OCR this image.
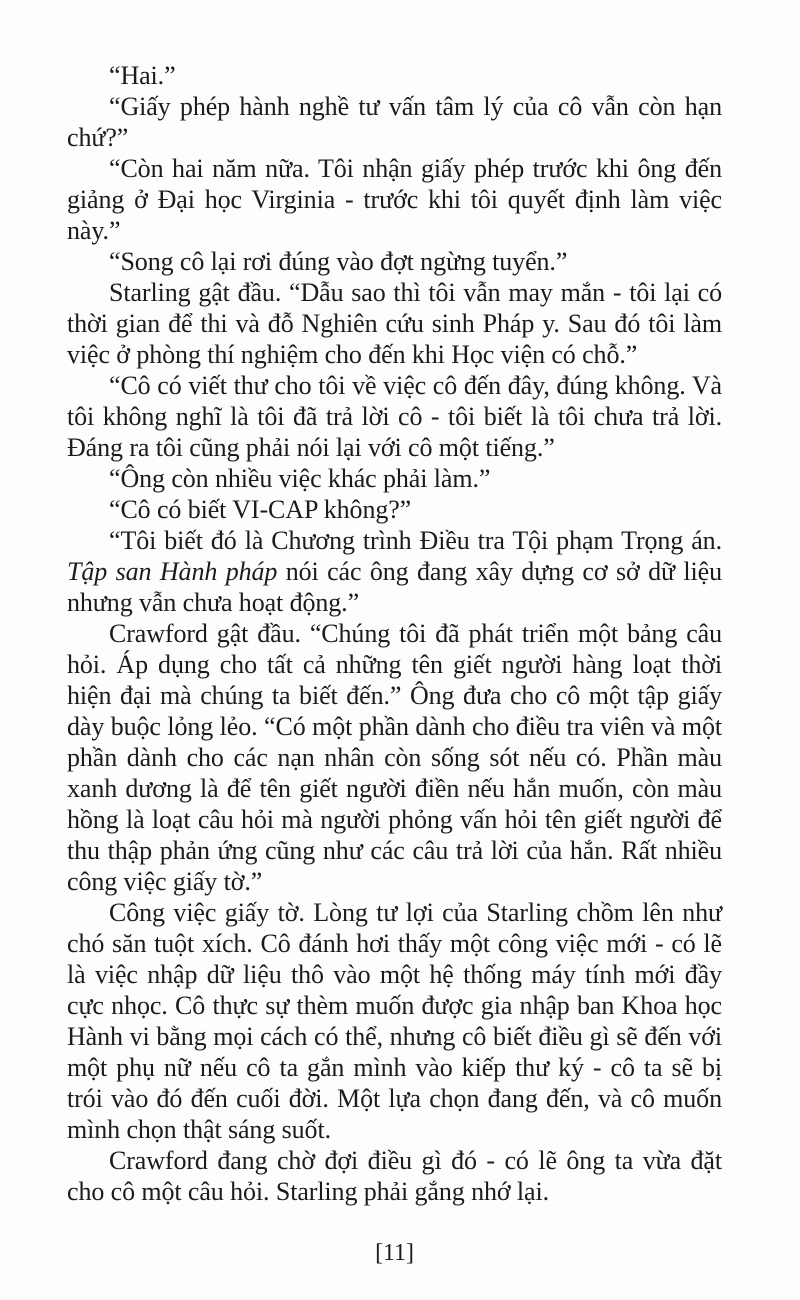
“Hai.”

“Giấy phép hành nghề tư vấn tâm lý của cô vẫn còn hạn chứ?”

“Còn hai năm nữa. Tôi nhận giấy phép trước khi ông đến giảng ở Đại học Virginia - trước khi tôi quyết định làm việc này.”

“Song cô lại rơi đúng vào đợt ngừng tuyển.”

Starling gật đầu. “Dẫu sao thì tôi vẫn may mắn - tôi lại có thời gian để thi và đỗ Nghiên cứu sinh Pháp y. Sau đó tôi làm việc ở phòng thí nghiệm cho đến khi Học viện có chỗ.”

“Cô có viết thư cho tôi về việc cô đến đây, đúng không. Và tôi không nghĩ là tôi đã trả lời cô - tôi biết là tôi chưa trả lời. Đáng ra tôi cũng phải nói lại với cô một tiếng.”

“Ông còn nhiều việc khác phải làm.”

“Cô có biết VI-CAP không?”

“Tôi biết đó là Chương trình Điều tra Tội phạm Trọng án. Tập san Hành pháp nói các ông đang xây dựng cơ sở dữ liệu nhưng vẫn chưa hoạt động.”

Crawford gật đầu. “Chúng tôi đã phát triển một bảng câu hỏi. Áp dụng cho tất cả những tên giết người hàng loạt thời hiện đại mà chúng ta biết đến.” Ông đưa cho cô một tập giấy dày buộc lỏng lẻo. “Có một phần dành cho điều tra viên và một phần dành cho các nạn nhân còn sống sót nếu có. Phần màu xanh dương là để tên giết người điền nếu hắn muốn, còn màu hồng là loạt câu hỏi mà người phỏng vấn hỏi tên giết người để thu thập phản ứng cũng như các câu trả lời của hắn. Rất nhiều công việc giấy tờ.”

Công việc giấy tờ. Lòng tư lợi của Starling chồm lên như chó săn tuột xích. Cô đánh hơi thấy một công việc mới - có lẽ là việc nhập dữ liệu thô vào một hệ thống máy tính mới đầy cực nhọc. Cô thực sự thèm muốn được gia nhập ban Khoa học Hành vi bằng mọi cách có thể, nhưng cô biết điều gì sẽ đến với một phụ nữ nếu cô ta gắn mình vào kiếp thư ký - cô ta sẽ bị trói vào đó đến cuối đời. Một lựa chọn đang đến, và cô muốn mình chọn thật sáng suốt.

Crawford đang chờ đợi điều gì đó - có lẽ ông ta vừa đặt cho cô một câu hỏi. Starling phải gắng nhớ lại.

[11]
